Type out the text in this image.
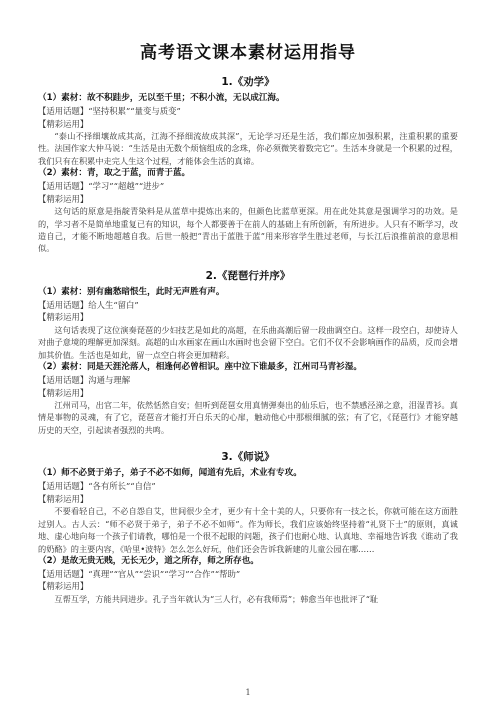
高考语文课本素材运用指导
1.《劝学》
（1）素材：故不积跬步，无以至千里；不积小流，无以成江海。
【适用话题】“坚持积累”“量变与质变”
【精彩运用】

“泰山不择细壤故成其高，江海不择细流故成其深”，无论学习还是生活，我们都应加强积累，注重积累的重要性。法国作家大仲马说：“生活是由无数个烦恼组成的念珠，你必须微笑着数完它”。生活本身就是一个积累的过程，我们只有在积累中走完人生这个过程，才能体会生活的真谛。

（2）素材：青，取之于蓝，而青于蓝。
【适用话题】“学习”“超越”“进步”
【精彩运用】

这句话的原意是指靛青染料是从蓝草中提炼出来的，但颜色比蓝草更深。用在此处其意是强调学习的功效。是的，学习者不是简单地重复已有的知识，每个人都要善于在前人的基础上有所创新，有所进步。人只有不断学习，改造自己，才能不断地超越自我。后世一般把“青出于蓝胜于蓝”用来形容学生胜过老师，与长江后浪推前浪的意思相似。

2.《琵琶行并序》
（1）素材：别有幽愁暗恨生，此时无声胜有声。
【适用话题】给人生“留白”
【精彩运用】

这句话表现了这位演奏琵琶的少妇技艺是如此的高超，在乐曲高潮后留一段曲调空白。这样一段空白，却使诗人对曲子意境的理解更加深刻。高超的山水画家在画山水画时也会留下空白。它们不仅不会影响画作的品质，反而会增加其价值。生活也是如此，留一点空白将会更加精彩。

（2）素材：同是天涯沦落人，相逢何必曾相识。座中泣下谁最多，江州司马青衫湿。
【适用话题】沟通与理解
【精彩运用】

江州司马，出官二年，依然恬然自安；但听到琵琶女用真情弹奏出的仙乐后，也不禁感泾涕之意，泪湿青衫。真情是事物的灵魂，有了它，琵琶音才能打开白乐天的心扉，触动他心中那根细腻的弦；有了它，《琵琶行》才能穿越历史的天空，引起读者强烈的共鸣。

3.《师说》
（1）师不必贤于弟子，弟子不必不如师，闻道有先后，术业有专攻。
【适用话题】“各有所长”“自信”
【精彩运用】

不要看轻自己，不必自怨自艾，世间很少全才，更少有十全十美的人，只要你有一技之长，你就可能在这方面胜过别人。古人云：“师不必贤于弟子，弟子不必不如师”。作为师长，我们应该始终坚持着“礼贤下士”的原则，真诚地、虚心地向每一个孩子们请教，哪怕是一个很不起眼的问题，孩子们也耐心地、认真地、幸福地告诉我《谁动了我的奶酪》的主要内容，《哈里•波特》怎么怎么好玩，他们还会告诉我新建的儿童公园在哪……

（2）是故无贵无贱，无长无少，道之所存，师之所存也。
【适用话题】“真理”“官从”“尝识”“学习”“合作”“帮助”
【精彩运用】

互帮互学，方能共同进步。孔子当年就认为“三人行，必有我师焉”；韩愈当年也批评了“耻

1
